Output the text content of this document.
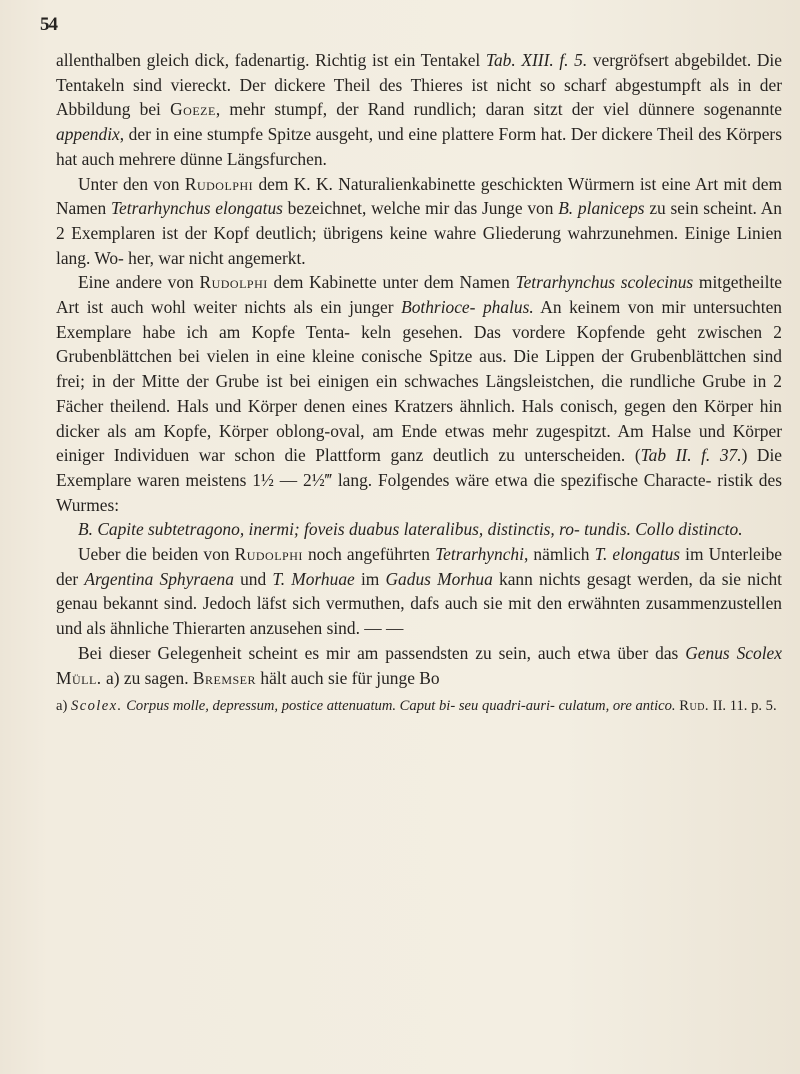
54

allenthalben gleich dick, fadenartig. Richtig ist ein Tentakel Tab. XIII. f. 5. vergröfsert abgebildet. Die Tentakeln sind viereckt. Der dickere Theil des Thieres ist nicht so scharf abgestumpft als in der Abbildung bei Goeze, mehr stumpf, der Rand rundlich; daran sitzt der viel dünnere sogenannte appendix, der in eine stumpfe Spitze ausgeht, und eine plattere Form hat. Der dickere Theil des Körpers hat auch mehrere dünne Längsfurchen.

Unter den von Rudolphi dem K. K. Naturalienkabinette geschickten Würmern ist eine Art mit dem Namen Tetrarhynchus elongatus bezeichnet, welche mir das Junge von B. planiceps zu sein scheint. An 2 Exemplaren ist der Kopf deutlich; übrigens keine wahre Gliederung wahrzunehmen. Einige Linien lang. Wo- her, war nicht angemerkt.

Eine andere von Rudolphi dem Kabinette unter dem Namen Tetrarhynchus scolecinus mitgetheilte Art ist auch wohl weiter nichts als ein junger Bothrioce- phalus. An keinem von mir untersuchten Exemplare habe ich am Kopfe Tenta- keln gesehen. Das vordere Kopfende geht zwischen 2 Grubenblättchen bei vielen in eine kleine conische Spitze aus. Die Lippen der Grubenblättchen sind frei; in der Mitte der Grube ist bei einigen ein schwaches Längsleistchen, die rundliche Grube in 2 Fächer theilend. Hals und Körper denen eines Kratzers ähnlich. Hals conisch, gegen den Körper hin dicker als am Kopfe, Körper oblong-oval, am Ende etwas mehr zugespitzt. Am Halse und Körper einiger Individuen war schon die Plattform ganz deutlich zu unterscheiden. (Tab II. f. 37.) Die Exemplare waren meistens 1½ — 2½‴ lang. Folgendes wäre etwa die spezifische Characte- ristik des Wurmes:

B. Capite subtetragono, inermi; foveis duabus lateralibus, distinctis, ro- tundis. Collo distincto.

Ueber die beiden von Rudolphi noch angeführten Tetrarhynchi, nämlich T. elongatus im Unterleibe der Argentina Sphyraena und T. Morhuae im Gadus Morhua kann nichts gesagt werden, da sie nicht genau bekannt sind. Jedoch läfst sich vermuthen, dafs auch sie mit den erwähnten zusammenzustellen und als ähnliche Thierarten anzusehen sind. — —

Bei dieser Gelegenheit scheint es mir am passendsten zu sein, auch etwa über das Genus Scolex Müll. a) zu sagen. Bremser hält auch sie für junge Bo

a) Scolex. Corpus molle, depressum, postice attenuatum. Caput bi- seu quadri-auri- culatum, ore antico. Rud. II. 11. p. 5.
